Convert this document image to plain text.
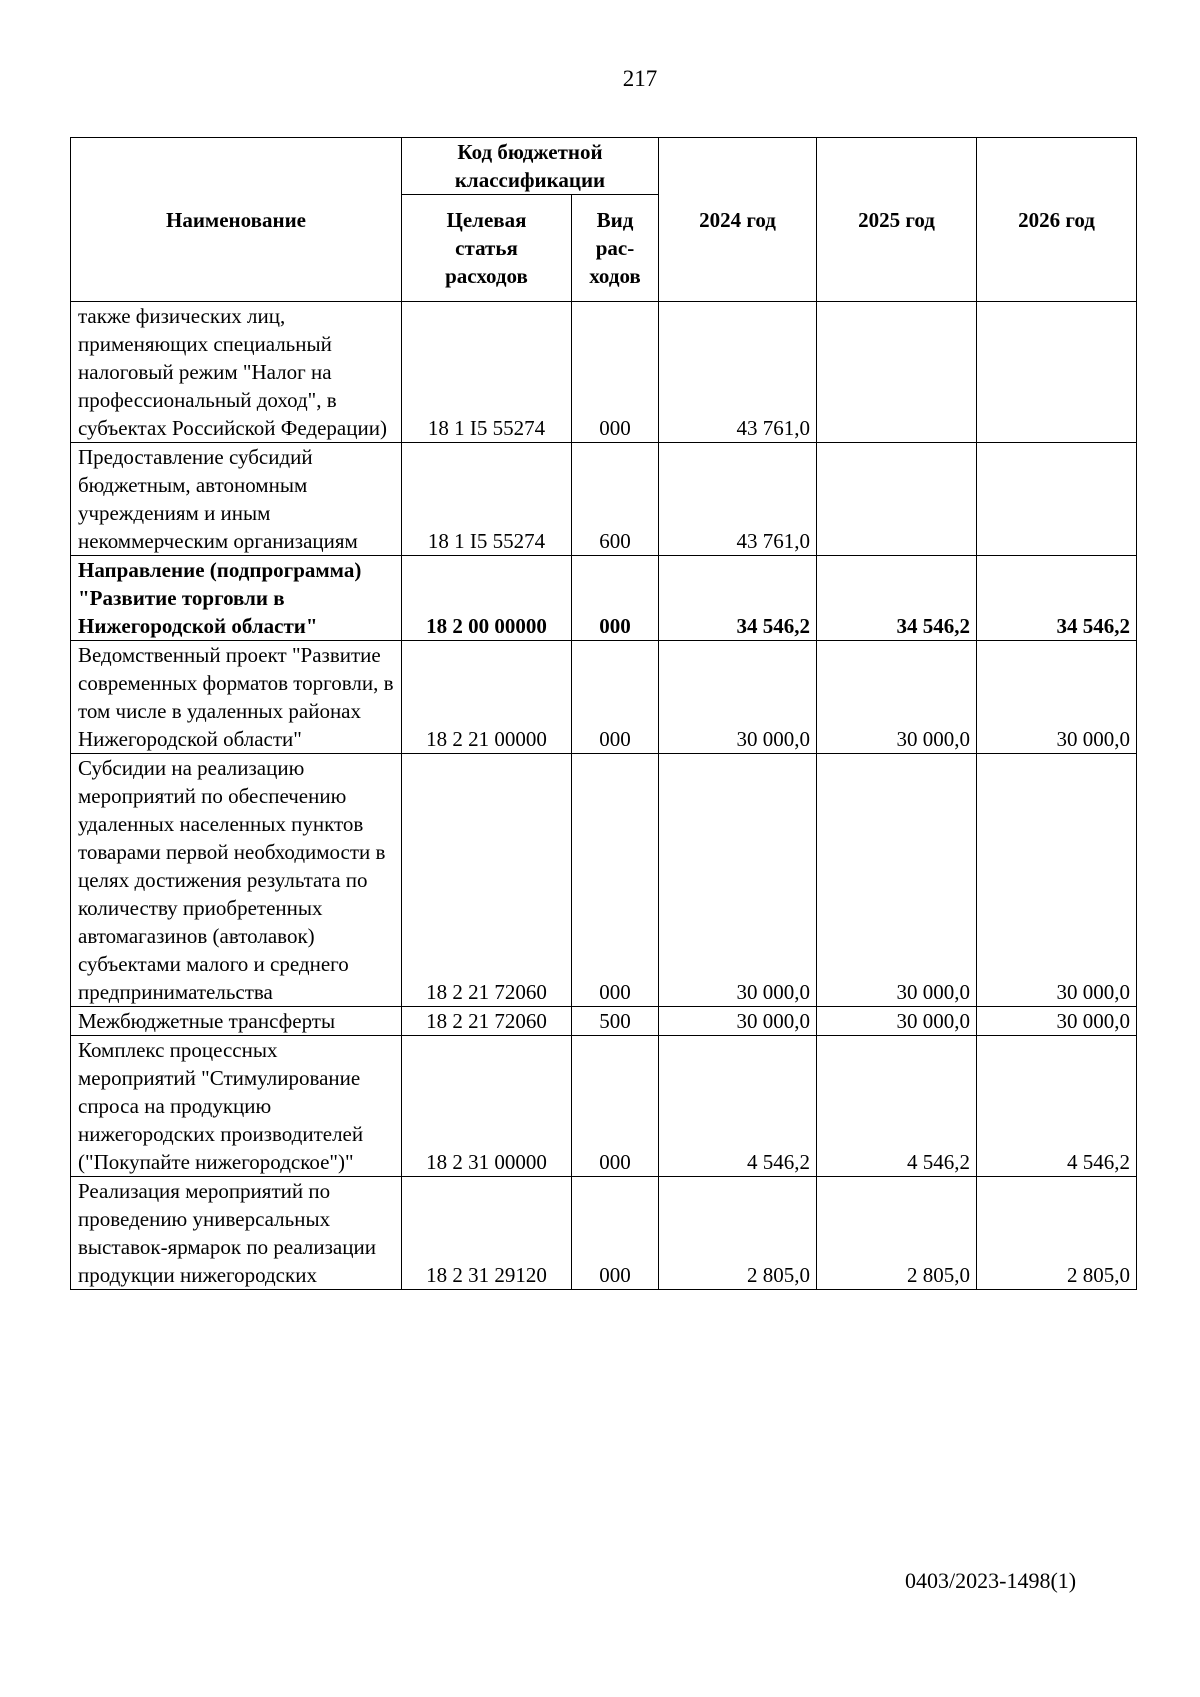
217
Наименование	Код бюджетной классификации		2024 год	2025 год	2026 год
	Целевая статья расходов	Вид рас-ходов			
также физических лиц, применяющих специальный налоговый режим "Налог на профессиональный доход", в субъектах Российской Федерации)	18 1 I5 55274	000	43 761,0		
Предоставление субсидий бюджетным, автономным учреждениям и иным некоммерческим организациям	18 1 I5 55274	600	43 761,0		
Направление (подпрограмма) "Развитие торговли в Нижегородской области"	18 2 00 00000	000	34 546,2	34 546,2	34 546,2
Ведомственный проект "Развитие современных форматов торговли, в том числе в удаленных районах Нижегородской области"	18 2 21 00000	000	30 000,0	30 000,0	30 000,0
Субсидии на реализацию мероприятий по обеспечению удаленных населенных пунктов товарами первой необходимости в целях достижения результата по количеству приобретенных автомагазинов (автолавок) субъектами малого и среднего предпринимательства	18 2 21 72060	000	30 000,0	30 000,0	30 000,0
Межбюджетные трансферты	18 2 21 72060	500	30 000,0	30 000,0	30 000,0
Комплекс процессных мероприятий "Стимулирование спроса на продукцию нижегородских производителей ("Покупайте нижегородское")"	18 2 31 00000	000	4 546,2	4 546,2	4 546,2
Реализация мероприятий по проведению универсальных выставок-ярмарок по реализации продукции нижегородских	18 2 31 29120	000	2 805,0	2 805,0	2 805,0
0403/2023-1498(1)
